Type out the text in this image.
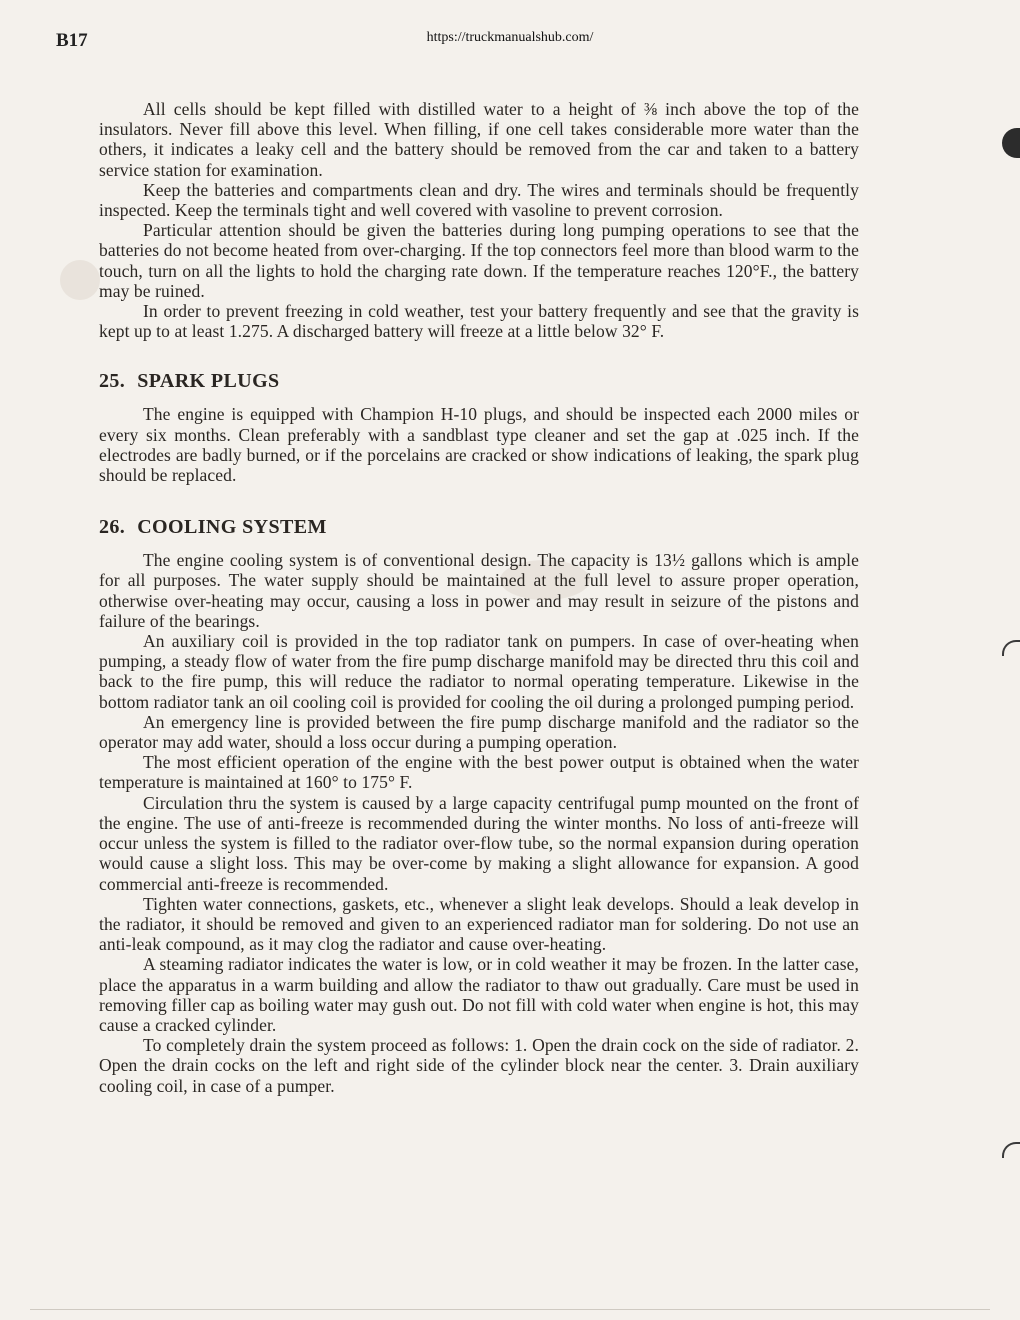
B17	https://truckmanualshub.com/

All cells should be kept filled with distilled water to a height of ⅜ inch above the top of the insulators. Never fill above this level. When filling, if one cell takes considerable more water than the others, it indicates a leaky cell and the battery should be removed from the car and taken to a battery service station for examination.

Keep the batteries and compartments clean and dry. The wires and terminals should be frequently inspected. Keep the terminals tight and well covered with vasoline to prevent corrosion.

Particular attention should be given the batteries during long pumping operations to see that the batteries do not become heated from over-charging. If the top connectors feel more than blood warm to the touch, turn on all the lights to hold the charging rate down. If the temperature reaches 120°F., the battery may be ruined.

In order to prevent freezing in cold weather, test your battery frequently and see that the gravity is kept up to at least 1.275. A discharged battery will freeze at a little below 32° F.

25. SPARK PLUGS

The engine is equipped with Champion H-10 plugs, and should be inspected each 2000 miles or every six months. Clean preferably with a sandblast type cleaner and set the gap at .025 inch. If the electrodes are badly burned, or if the porcelains are cracked or show indications of leaking, the spark plug should be replaced.

26. COOLING SYSTEM

The engine cooling system is of conventional design. The capacity is 13½ gallons which is ample for all purposes. The water supply should be maintained at the full level to assure proper operation, otherwise over-heating may occur, causing a loss in power and may result in seizure of the pistons and failure of the bearings.

An auxiliary coil is provided in the top radiator tank on pumpers. In case of over-heating when pumping, a steady flow of water from the fire pump discharge manifold may be directed thru this coil and back to the fire pump, this will reduce the radiator to normal operating temperature. Likewise in the bottom radiator tank an oil cooling coil is provided for cooling the oil during a prolonged pumping period.

An emergency line is provided between the fire pump discharge manifold and the radiator so the operator may add water, should a loss occur during a pumping operation.

The most efficient operation of the engine with the best power output is obtained when the water temperature is maintained at 160° to 175° F.

Circulation thru the system is caused by a large capacity centrifugal pump mounted on the front of the engine. The use of anti-freeze is recommended during the winter months. No loss of anti-freeze will occur unless the system is filled to the radiator over-flow tube, so the normal expansion during operation would cause a slight loss. This may be over-come by making a slight allowance for expansion. A good commercial anti-freeze is recommended.

Tighten water connections, gaskets, etc., whenever a slight leak develops. Should a leak develop in the radiator, it should be removed and given to an experienced radiator man for soldering. Do not use an anti-leak compound, as it may clog the radiator and cause over-heating.

A steaming radiator indicates the water is low, or in cold weather it may be frozen. In the latter case, place the apparatus in a warm building and allow the radiator to thaw out gradually. Care must be used in removing filler cap as boiling water may gush out. Do not fill with cold water when engine is hot, this may cause a cracked cylinder.

To completely drain the system proceed as follows: 1. Open the drain cock on the side of radiator. 2. Open the drain cocks on the left and right side of the cylinder block near the center. 3. Drain auxiliary cooling coil, in case of a pumper.
